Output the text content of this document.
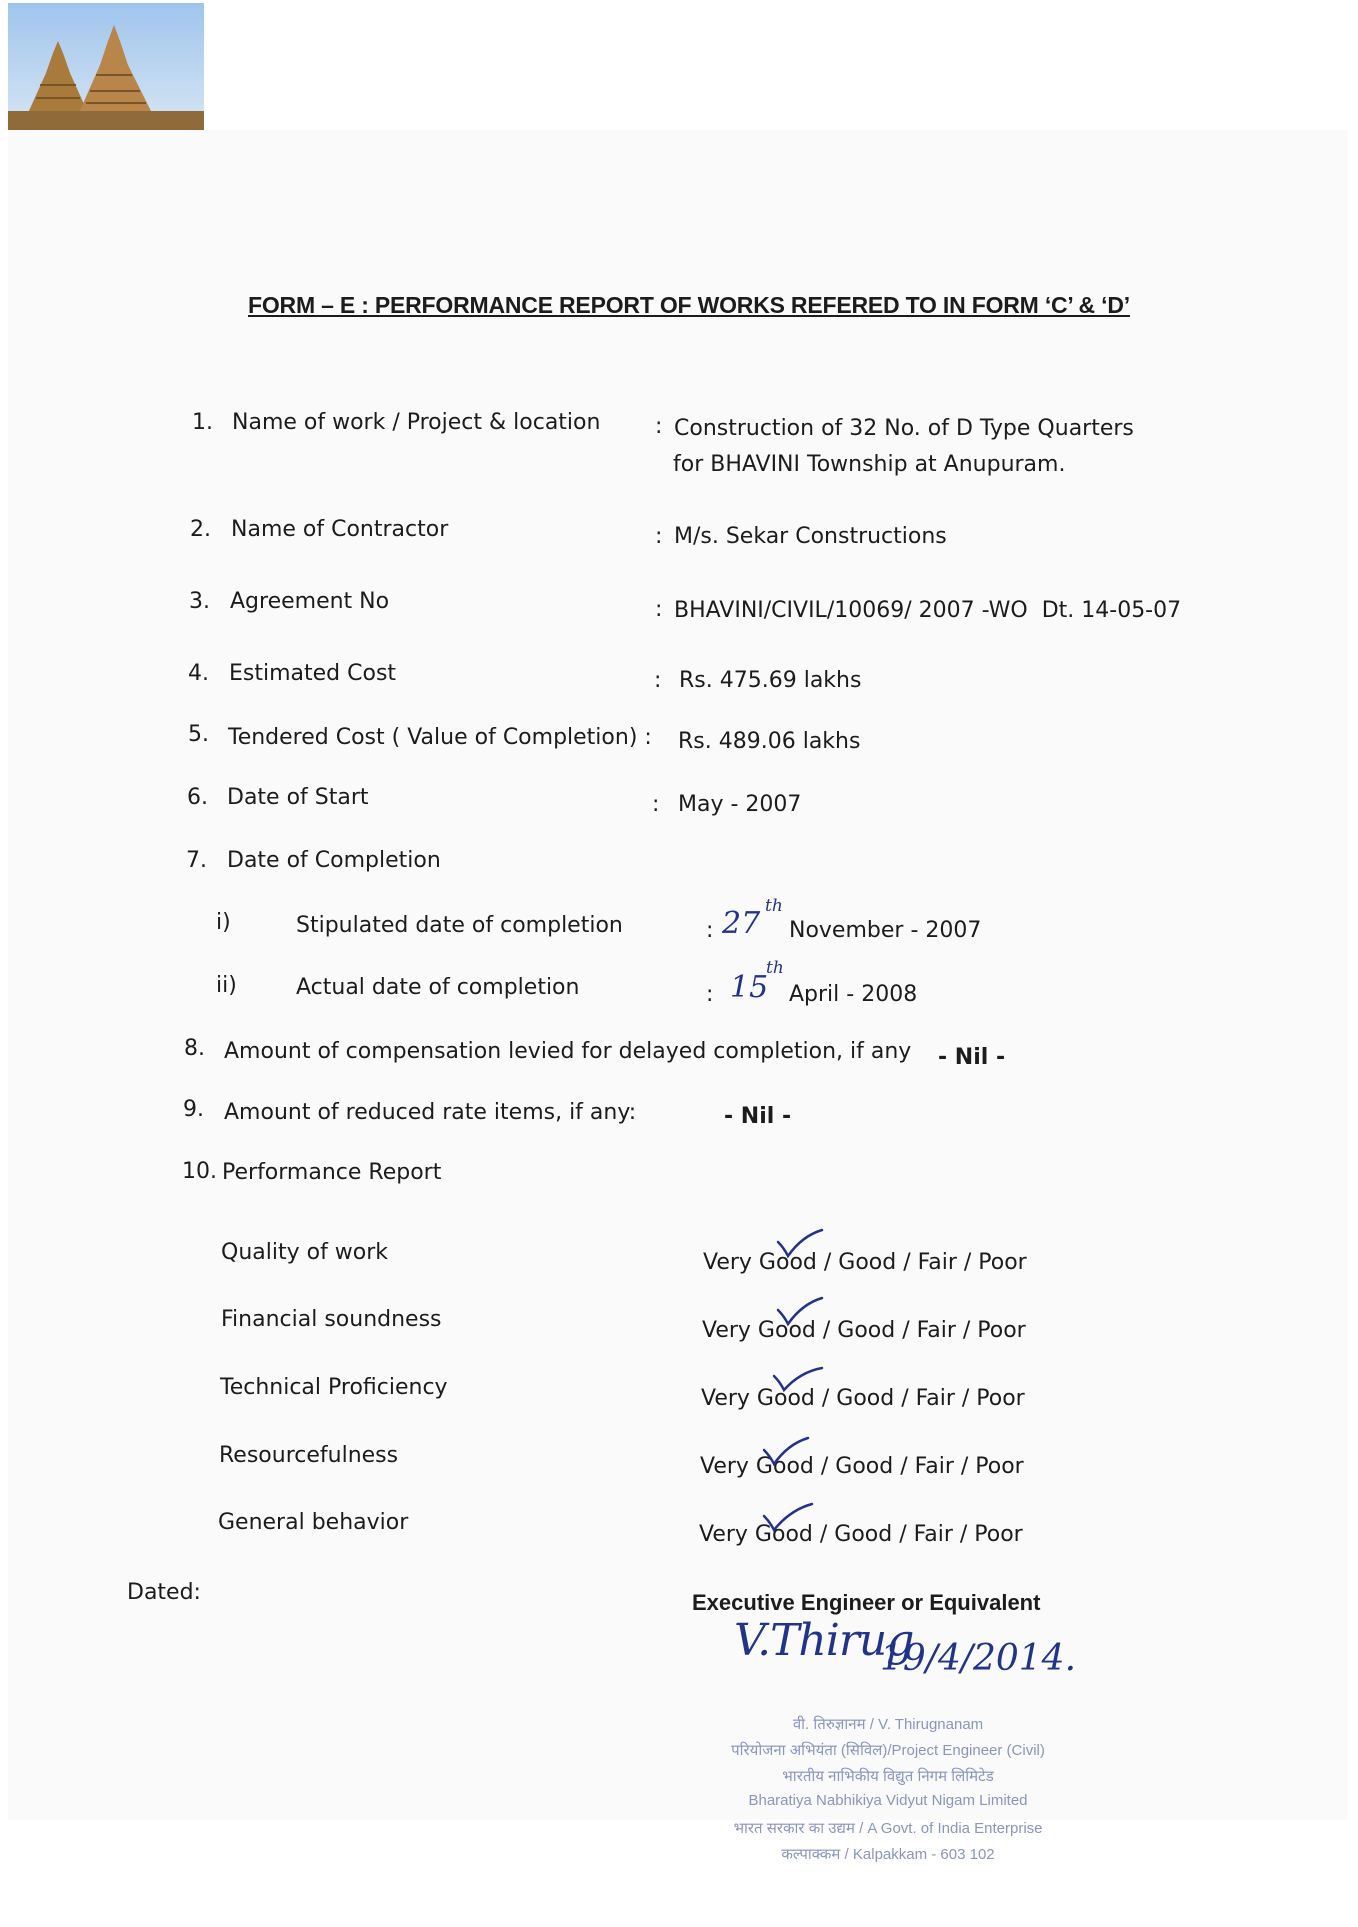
FORM – E : PERFORMANCE REPORT OF WORKS REFERED TO IN FORM ‘C’ & ‘D’
1. Name of work / Project & location : Construction of 32 No. of D Type Quarters
for BHAVINI Township at Anupuram.
2. Name of Contractor	: M/s. Sekar Constructions
3. Agreement No	: BHAVINI/CIVIL/10069/ 2007 -WO  Dt. 14-05-07
4. Estimated Cost	: Rs. 475.69 lakhs
5. Tendered Cost ( Value of Completion) : Rs. 489.06 lakhs
6. Date of Start	: May - 2007
7. Date of Completion
i)	Stipulated date of completion	: 27 th
November - 2007
ii)	Actual date of completion	: 15
th
April - 2008
8. Amount of compensation levied for delayed completion, if any - Nil -
9. Amount of reduced rate items, if any:	- Nil -
10. Performance Report
Quality of work	Very Good / Good / Fair / Poor
Financial soundness	Very Good / Good / Fair / Poor
Technical Proficiency	Very Good / Good / Fair / Poor
Resourcefulness	Very Good / Good / Fair / Poor
General behavior	Very Good / Good / Fair / Poor
Dated:	Executive Engineer or Equivalent
V.Thirug
19/4/2014.
वी. तिरुज्ञानम / V. Thirugnanam
परियोजना अभियंता (सिविल)/Project Engineer (Civil)
भारतीय नाभिकीय विद्युत निगम लिमिटेड
Bharatiya Nabhikiya Vidyut Nigam Limited
भारत सरकार का उद्यम / A Govt. of India Enterprise
कल्पाक्कम / Kalpakkam - 603 102
